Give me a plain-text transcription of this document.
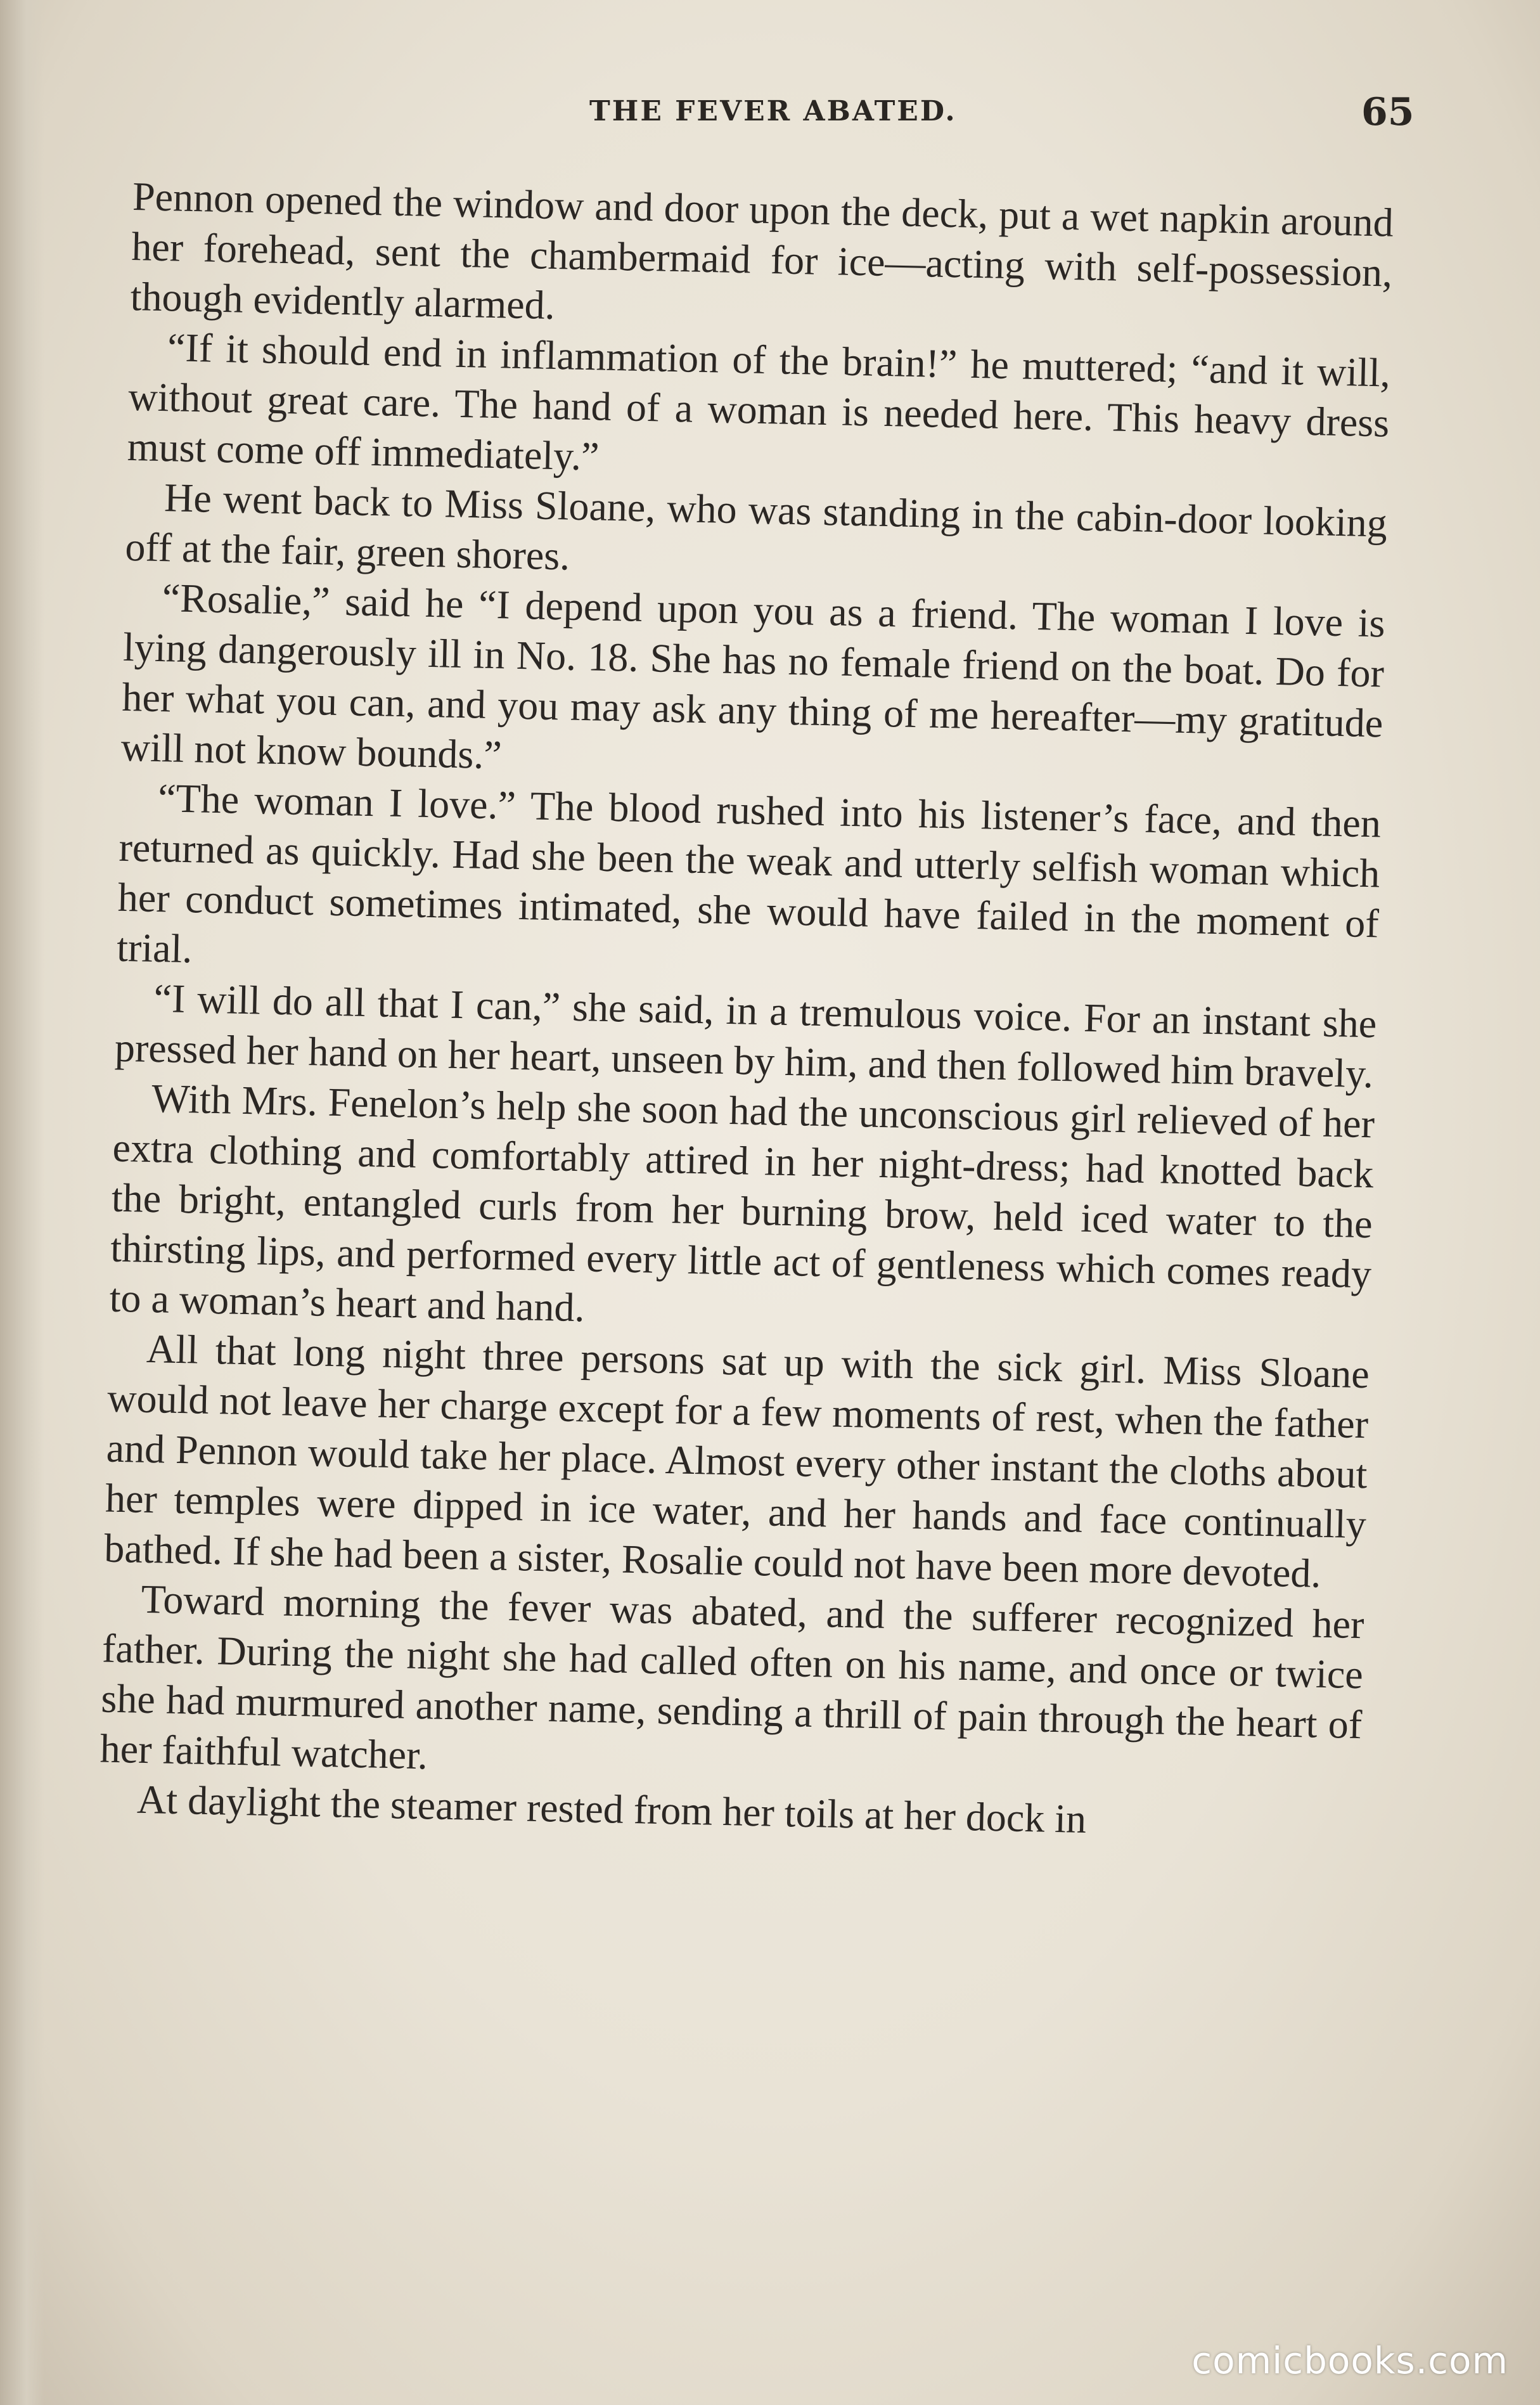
THE FEVER ABATED.	65

Pennon opened the window and door upon the deck, put a wet napkin around her forehead, sent the chambermaid for ice—acting with self-possession, though evidently alarmed.

“If it should end in inflammation of the brain!” he muttered; “and it will, without great care. The hand of a woman is needed here. This heavy dress must come off immediately.”

He went back to Miss Sloane, who was standing in the cabin-door looking off at the fair, green shores.

“Rosalie,” said he “I depend upon you as a friend. The woman I love is lying dangerously ill in No. 18. She has no female friend on the boat. Do for her what you can, and you may ask any thing of me hereafter—my gratitude will not know bounds.”

“The woman I love.” The blood rushed into his listener’s face, and then returned as quickly. Had she been the weak and utterly selfish woman which her conduct sometimes intimated, she would have failed in the moment of trial.

“I will do all that I can,” she said, in a tremulous voice. For an instant she pressed her hand on her heart, unseen by him, and then followed him bravely.

With Mrs. Fenelon’s help she soon had the unconscious girl relieved of her extra clothing and comfortably attired in her night-dress; had knotted back the bright, entangled curls from her burning brow, held iced water to the thirsting lips, and performed every little act of gentleness which comes ready to a woman’s heart and hand.

All that long night three persons sat up with the sick girl. Miss Sloane would not leave her charge except for a few moments of rest, when the father and Pennon would take her place. Almost every other instant the cloths about her temples were dipped in ice water, and her hands and face continually bathed. If she had been a sister, Rosalie could not have been more devoted.

Toward morning the fever was abated, and the sufferer recognized her father. During the night she had called often on his name, and once or twice she had murmured another name, sending a thrill of pain through the heart of her faithful watcher.

At daylight the steamer rested from her toils at her dock in

comicbooks.com
